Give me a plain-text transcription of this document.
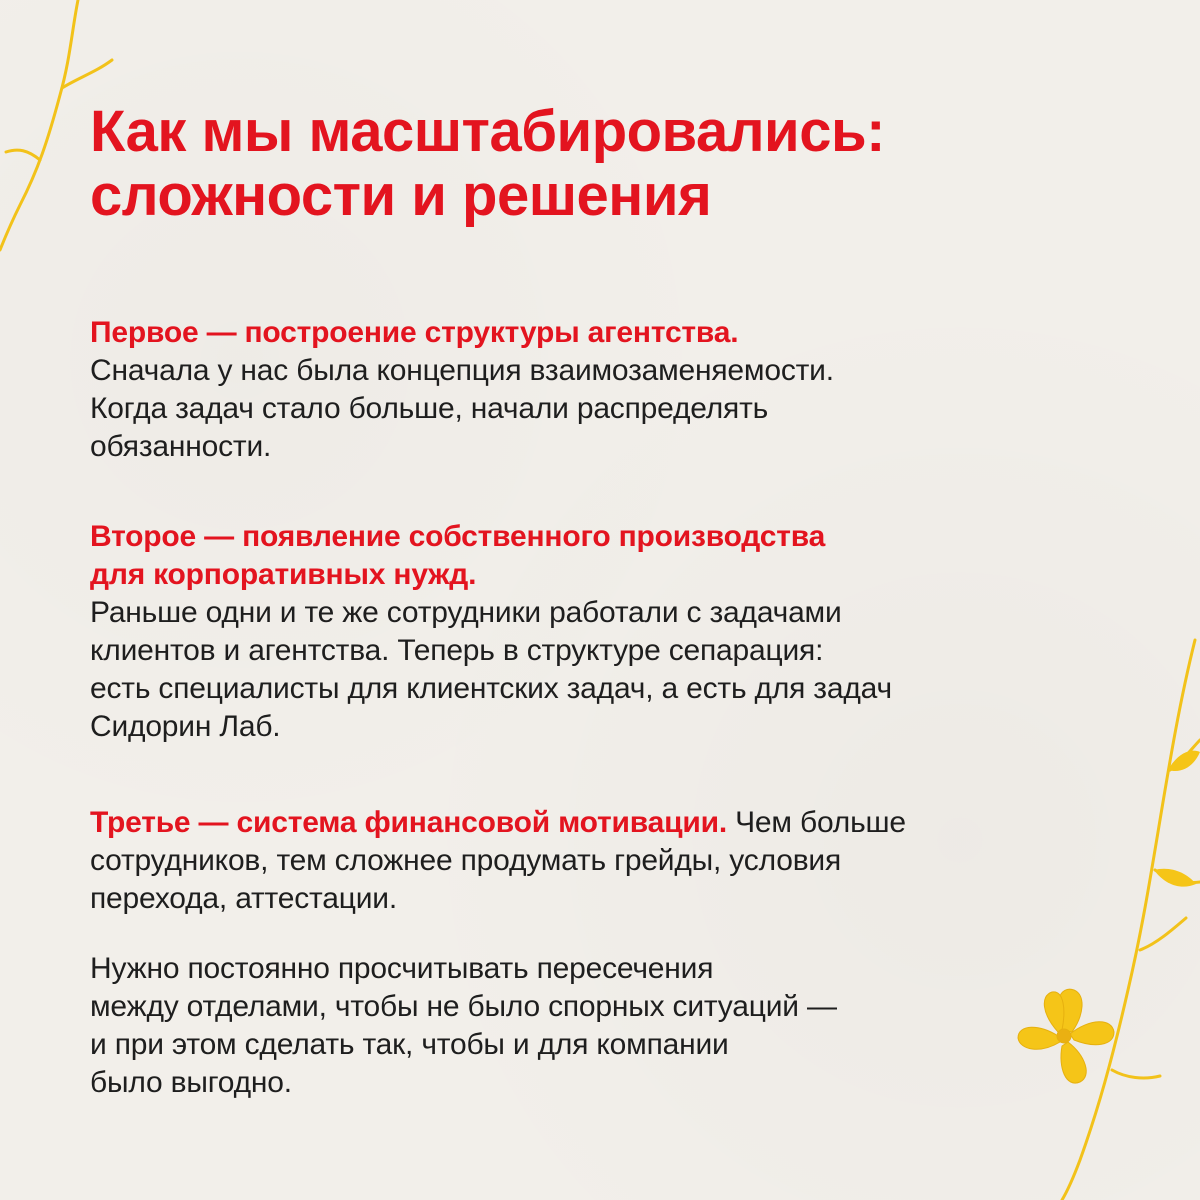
Как мы масштабировались:
сложности и решения

Первое — построение структуры агентства.
Сначала у нас была концепция взаимозаменяемости.
Когда задач стало больше, начали распределять
обязанности.

Второе — появление собственного производства
для корпоративных нужд.
Раньше одни и те же сотрудники работали с задачами
клиентов и агентства. Теперь в структуре сепарация:
есть специалисты для клиентских задач, а есть для задач
Сидорин Лаб.

Третье — система финансовой мотивации. Чем больше
сотрудников, тем сложнее продумать грейды, условия
перехода, аттестации.

Нужно постоянно просчитывать пересечения
между отделами, чтобы не было спорных ситуаций —
и при этом сделать так, чтобы и для компании
было выгодно.
